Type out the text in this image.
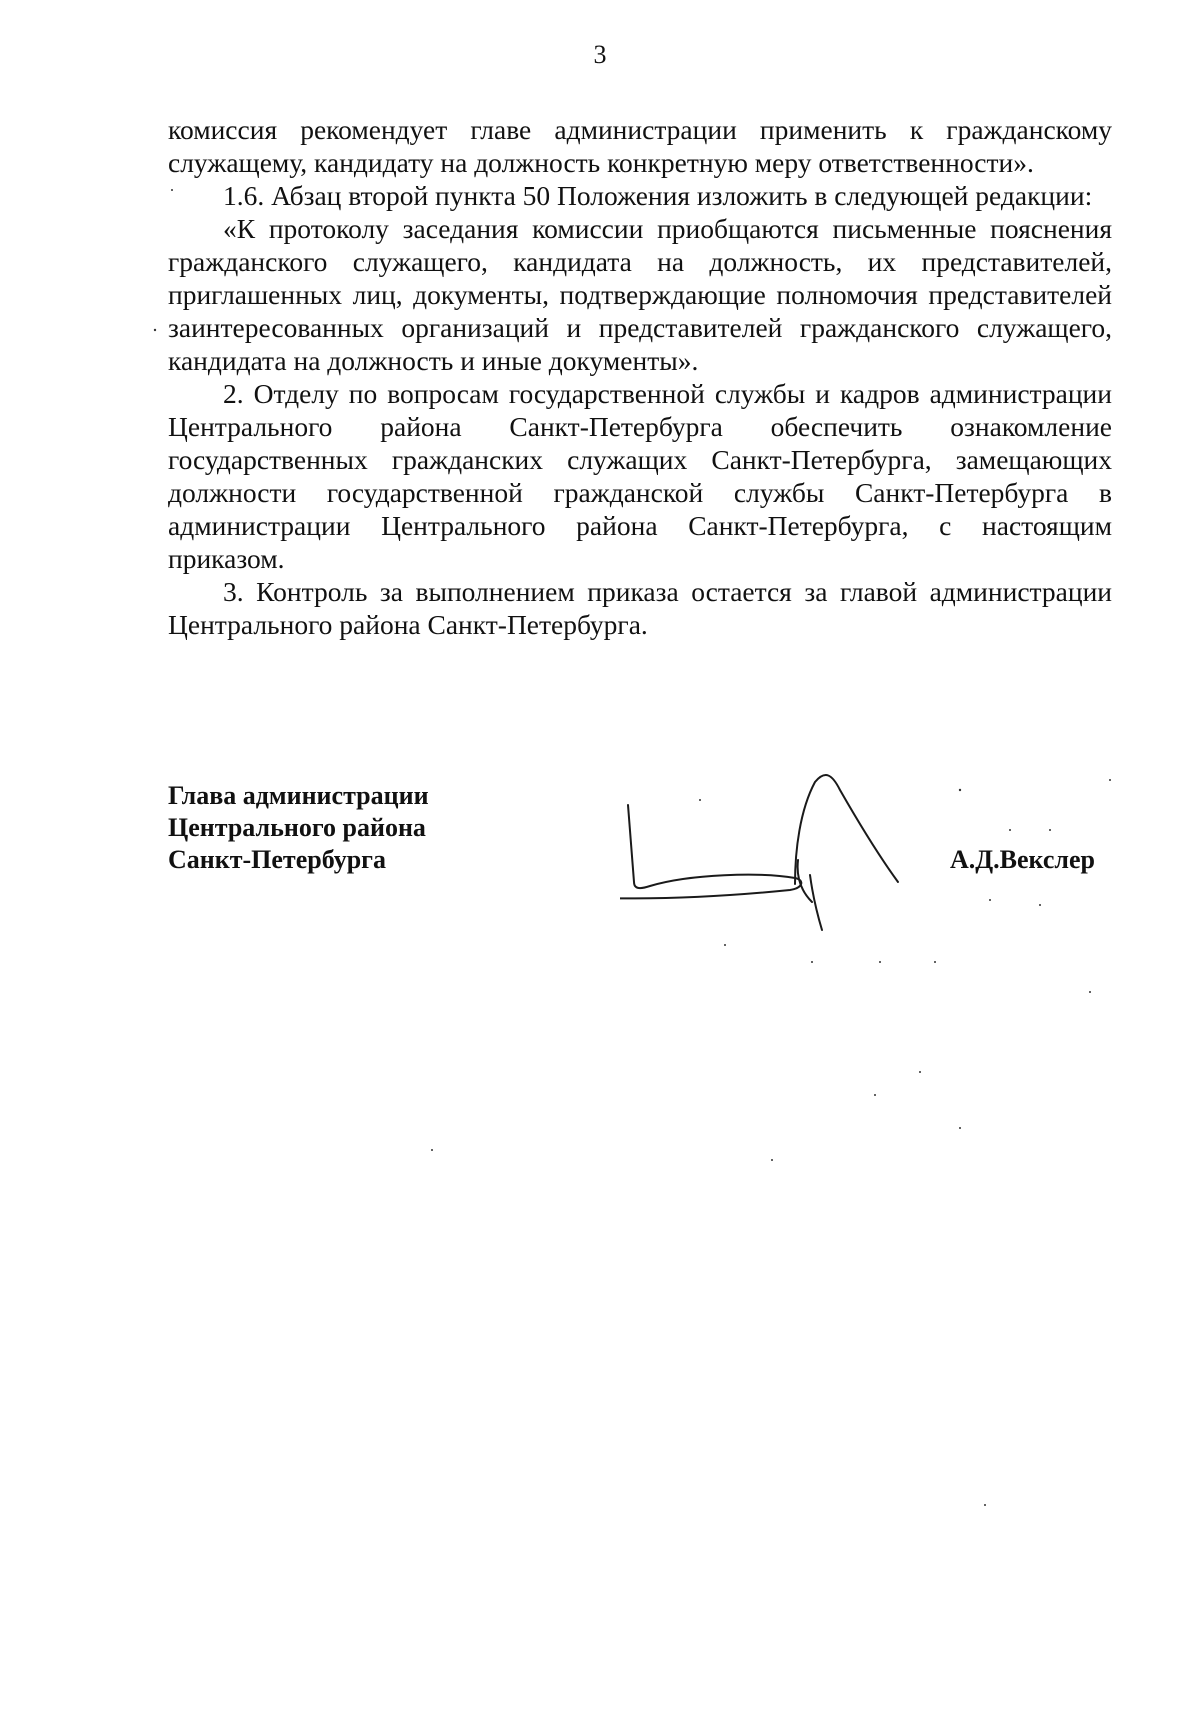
3

комиссия рекомендует главе администрации применить к гражданскому служащему, кандидату на должность конкретную меру ответственности».

1.6. Абзац второй пункта 50 Положения изложить в следующей редакции:

«К протоколу заседания комиссии приобщаются письменные пояснения гражданского служащего, кандидата на должность, их представителей, приглашенных лиц, документы, подтверждающие полномочия представителей заинтересованных организаций и представителей гражданского служащего, кандидата на должность и иные документы».

2. Отделу по вопросам государственной службы и кадров администрации Центрального района Санкт-Петербурга обеспечить ознакомление государственных гражданских служащих Санкт-Петербурга, замещающих должности государственной гражданской службы Санкт-Петербурга в администрации Центрального района Санкт-Петербурга, с настоящим приказом.

3. Контроль за выполнением приказа остается за главой администрации Центрального района Санкт-Петербурга.

Глава администрации
Центрального района
Санкт-Петербурга	А.Д.Векслер
